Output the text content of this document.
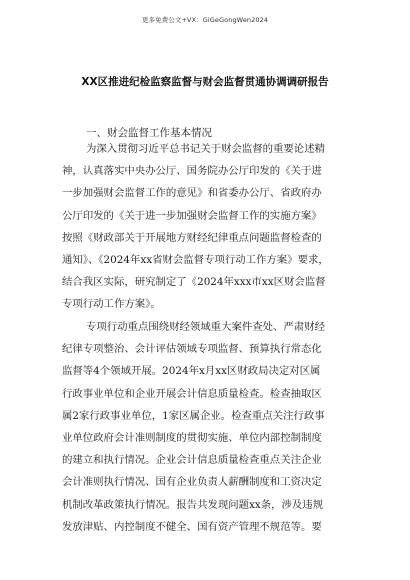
更多免费公文+VX：GiGeGongWen2024
XX区推进纪检监察监督与财会监督贯通协调调研报告
一、财会监督工作基本情况
为深入贯彻习近平总书记关于财会监督的重要论述精
神，认真落实中央办公厅、国务院办公厅印发的《关于进
一步加强财会监督工作的意见》和省委办公厅、省政府办
公厅印发的《关于进一步加强财会监督工作的实施方案》
按照《财政部关于开展地方财经纪律重点问题监督检查的
通知》、《2024年xx省财会监督专项行动工作方案》要求，
结合我区实际，研究制定了《2024年xxx市xx区财会监督
专项行动工作方案》。
专项行动重点围绕财经领域重大案件查处、严肃财经
纪律专项整治、会计评估领域专项监督、预算执行常态化
监督等4个领域开展。2024年x月xx区财政局决定对区属
行政事业单位和企业开展会计信息质量检查。检查抽取区
属2家行政事业单位，1家区属企业。检查重点关注行政事
业单位政府会计准则制度的贯彻实施、单位内部控制制度
的建立和执行情况。企业会计信息质量检查重点关注企业
会计准则执行情况、国有企业负责人薪酬制度和工资决定
机制改革政策执行情况。报告共发现问题xx条，涉及违规
发放津贴、内控制度不健全、国有资产管理不规范等。要
